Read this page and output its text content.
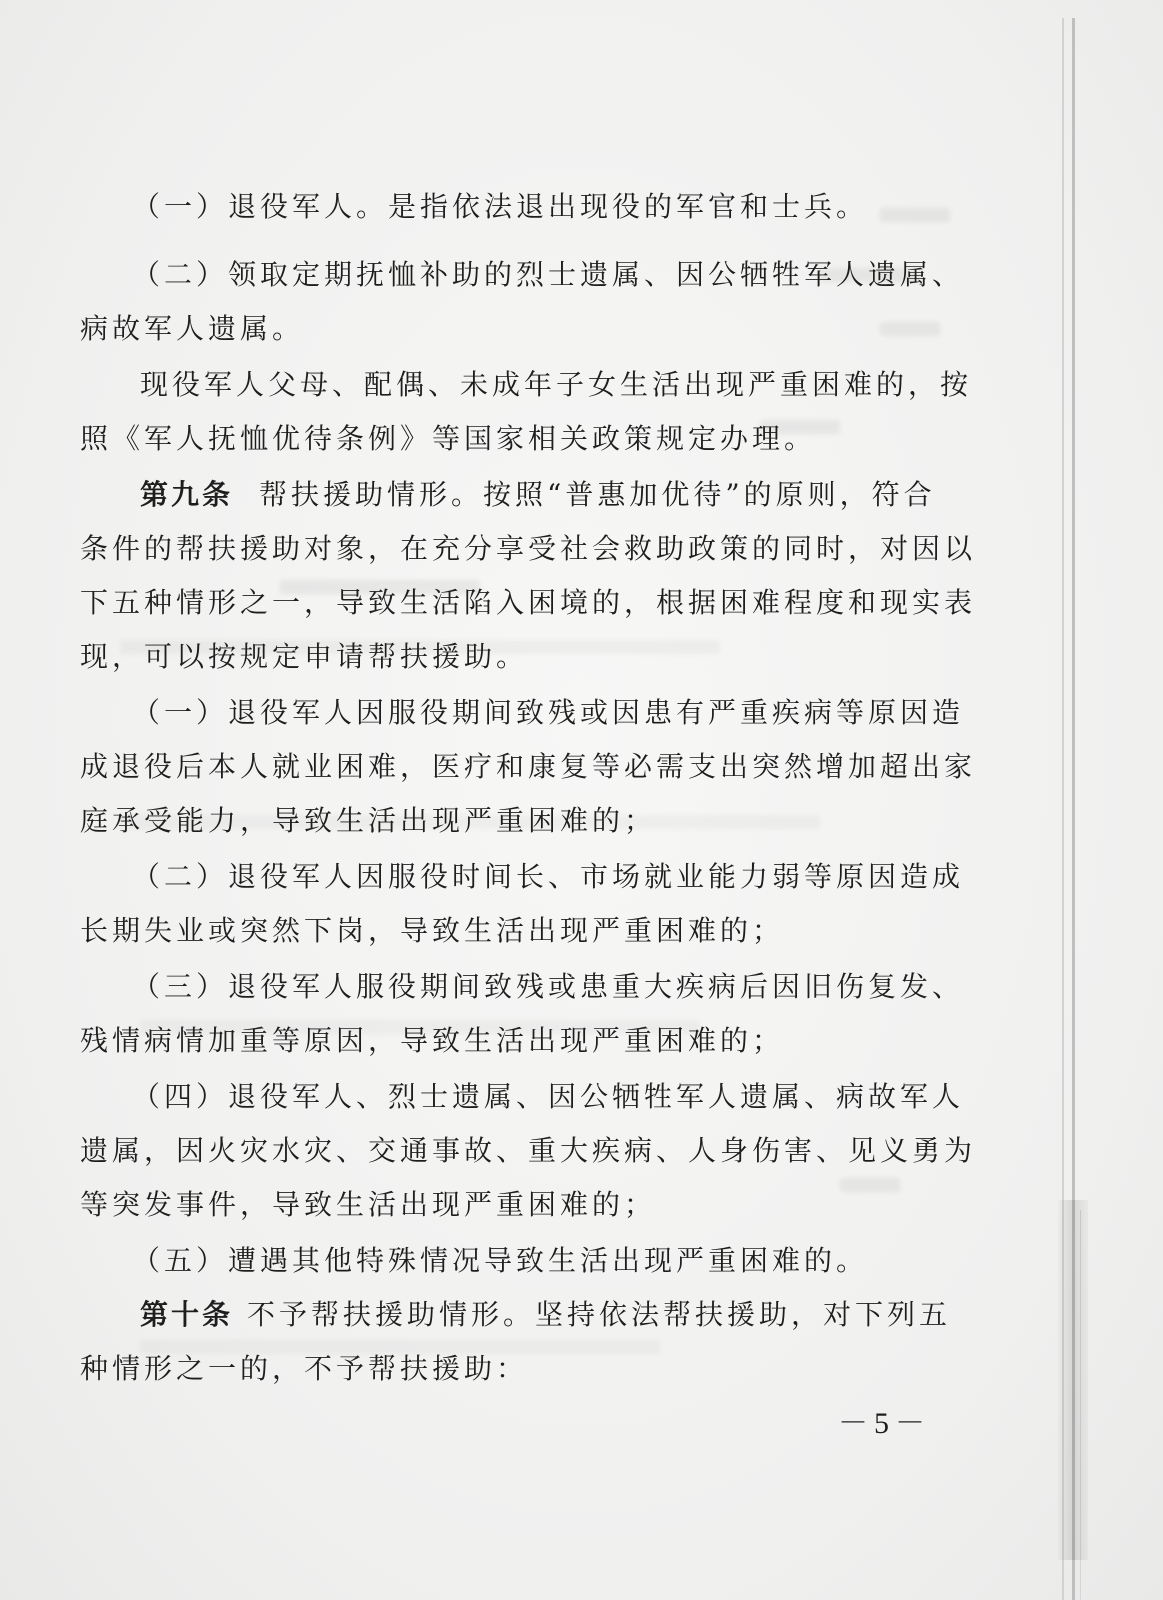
（一）退役军人。是指依法退出现役的军官和士兵。
（二）领取定期抚恤补助的烈士遗属、因公牺牲军人遗属、
病故军人遗属。
现役军人父母、配偶、未成年子女生活出现严重困难的，按
照《军人抚恤优待条例》等国家相关政策规定办理。
第九条 帮扶援助情形。按照“普惠加优待”的原则，符合
条件的帮扶援助对象，在充分享受社会救助政策的同时，对因以
下五种情形之一，导致生活陷入困境的，根据困难程度和现实表
现，可以按规定申请帮扶援助。
（一）退役军人因服役期间致残或因患有严重疾病等原因造
成退役后本人就业困难，医疗和康复等必需支出突然增加超出家
庭承受能力，导致生活出现严重困难的；
（二）退役军人因服役时间长、市场就业能力弱等原因造成
长期失业或突然下岗，导致生活出现严重困难的；
（三）退役军人服役期间致残或患重大疾病后因旧伤复发、
残情病情加重等原因，导致生活出现严重困难的；
（四）退役军人、烈士遗属、因公牺牲军人遗属、病故军人
遗属，因火灾水灾、交通事故、重大疾病、人身伤害、见义勇为
等突发事件，导致生活出现严重困难的；
（五）遭遇其他特殊情况导致生活出现严重困难的。
第十条 不予帮扶援助情形。坚持依法帮扶援助，对下列五
种情形之一的，不予帮扶援助：
－5－
